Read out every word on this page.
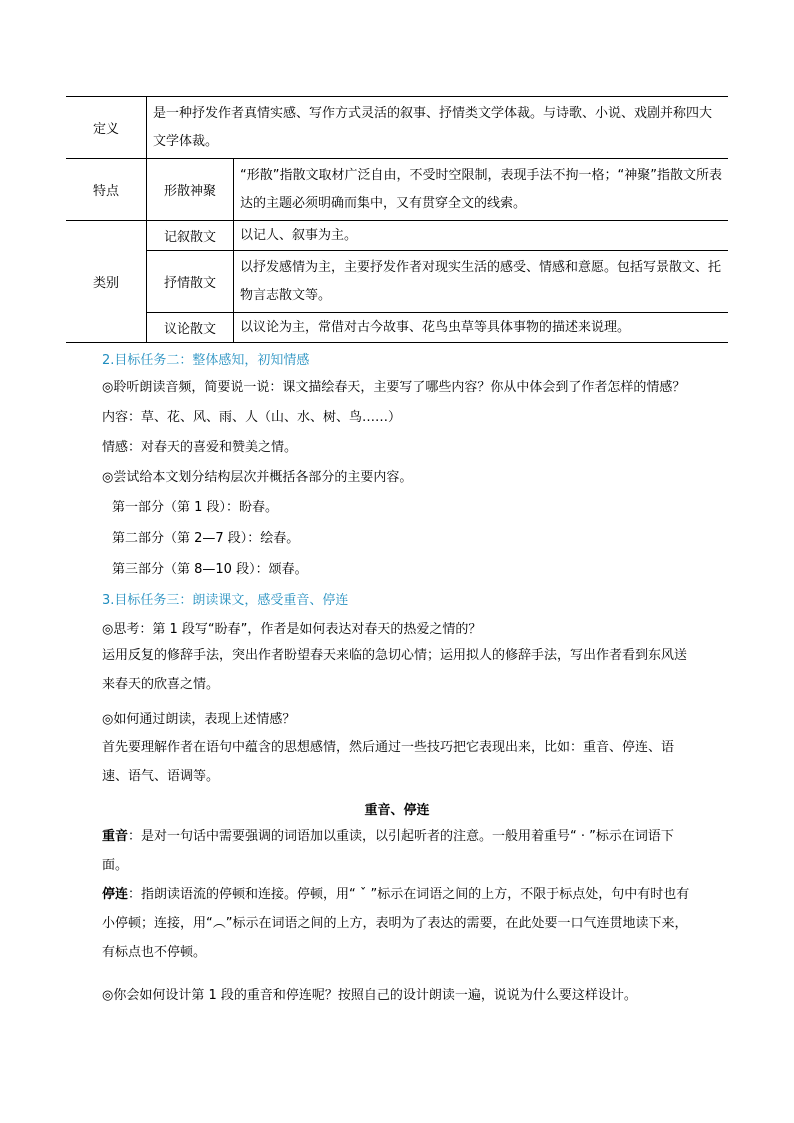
定义	是一种抒发作者真情实感、写作方式灵活的叙事、抒情类文学体裁。与诗歌、小说、戏剧并称四大文学体裁。	

特点	形散神聚	“形散”指散文取材广泛自由，不受时空限制，表现手法不拘一格；“神聚”指散文所表达的主题必须明确而集中，又有贯穿全文的线索。

类别	记叙散文	以记人、叙事为主。

	抒情散文	以抒发感情为主，主要抒发作者对现实生活的感受、情感和意愿。包括写景散文、托物言志散文等。

	议论散文	以议论为主，常借对古今故事、花鸟虫草等具体事物的描述来说理。
2.目标任务二：整体感知，初知情感
◎聆听朗读音频，简要说一说：课文描绘春天，主要写了哪些内容？你从中体会到了作者怎样的情感？
内容：草、花、风、雨、人（山、水、树、鸟……）
情感：对春天的喜爱和赞美之情。
◎尝试给本文划分结构层次并概括各部分的主要内容。
第一部分（第 1 段）：盼春。
第二部分（第 2—7 段）：绘春。
第三部分（第 8—10 段）：颂春。
3.目标任务三：朗读课文，感受重音、停连
◎思考：第 1 段写“盼春”，作者是如何表达对春天的热爱之情的？
运用反复的修辞手法，突出作者盼望春天来临的急切心情；运用拟人的修辞手法，写出作者看到东风送来春天的欣喜之情。
◎如何通过朗读，表现上述情感？
首先要理解作者在语句中蕴含的思想感情，然后通过一些技巧把它表现出来，比如：重音、停连、语速、语气、语调等。
重音、停连
重音：是对一句话中需要强调的词语加以重读，以引起听者的注意。一般用着重号“ · ”标示在词语下面。
停连：指朗读语流的停顿和连接。停顿，用“ ˇ ”标示在词语之间的上方，不限于标点处，句中有时也有小停顿；连接，用“︵”标示在词语之间的上方，表明为了表达的需要，在此处要一口气连贯地读下来，有标点也不停顿。
◎你会如何设计第 1 段的重音和停连呢？按照自己的设计朗读一遍，说说为什么要这样设计。
